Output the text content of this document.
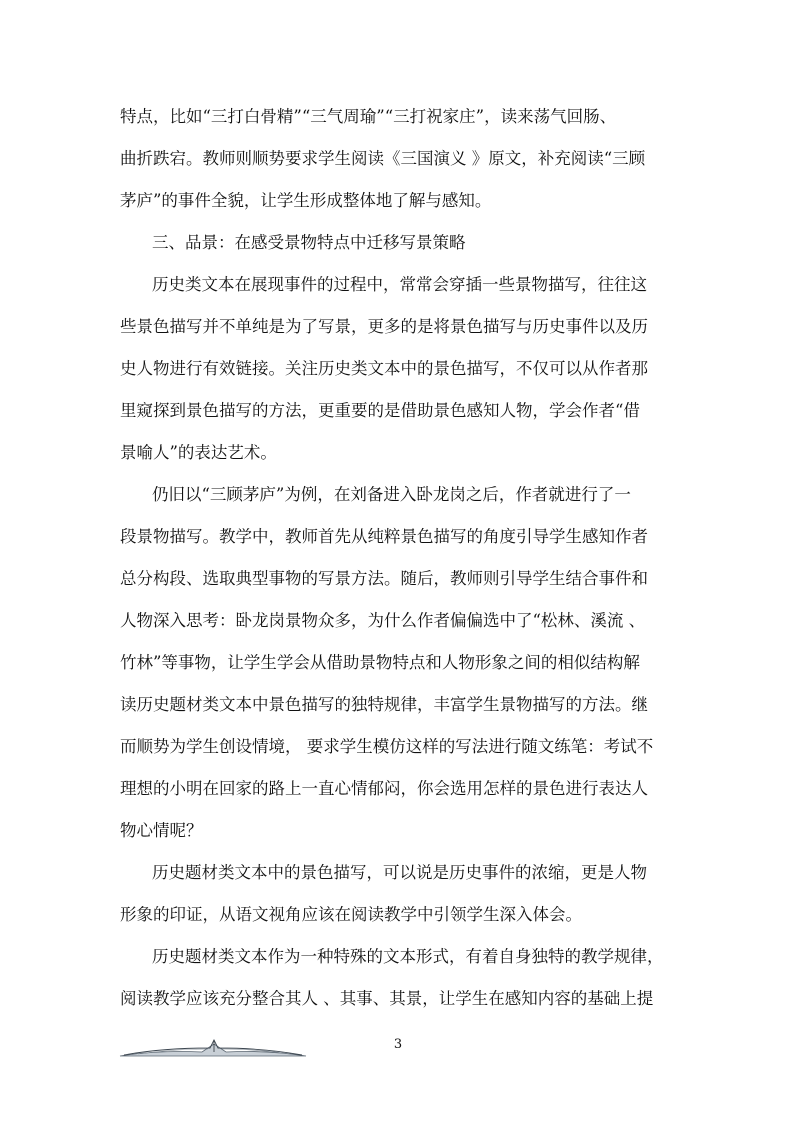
特点，比如“三打白骨精”“三气周瑜”“三打祝家庄”，读来荡气回肠、
曲折跌宕。教师则顺势要求学生阅读《三国演义 》原文，补充阅读“三顾
茅庐”的事件全貌，让学生形成整体地了解与感知。
三、品景：在感受景物特点中迁移写景策略
历史类文本在展现事件的过程中，常常会穿插一些景物描写，往往这
些景色描写并不单纯是为了写景，更多的是将景色描写与历史事件以及历
史人物进行有效链接。关注历史类文本中的景色描写，不仅可以从作者那
里窥探到景色描写的方法，更重要的是借助景色感知人物，学会作者“借
景喻人”的表达艺术。
仍旧以“三顾茅庐”为例，在刘备进入卧龙岗之后，作者就进行了一
段景物描写。教学中，教师首先从纯粹景色描写的角度引导学生感知作者
总分构段、选取典型事物的写景方法。随后，教师则引导学生结合事件和
人物深入思考：卧龙岗景物众多，为什么作者偏偏选中了“松林、溪流 、
竹林”等事物，让学生学会从借助景物特点和人物形象之间的相似结构解
读历史题材类文本中景色描写的独特规律，丰富学生景物描写的方法。继
而顺势为学生创设情境， 要求学生模仿这样的写法进行随文练笔：考试不
理想的小明在回家的路上一直心情郁闷，你会选用怎样的景色进行表达人
物心情呢？
历史题材类文本中的景色描写，可以说是历史事件的浓缩，更是人物
形象的印证，从语文视角应该在阅读教学中引领学生深入体会。
历史题材类文本作为一种特殊的文本形式，有着自身独特的教学规律，
阅读教学应该充分整合其人 、其事、其景，让学生在感知内容的基础上提
3
